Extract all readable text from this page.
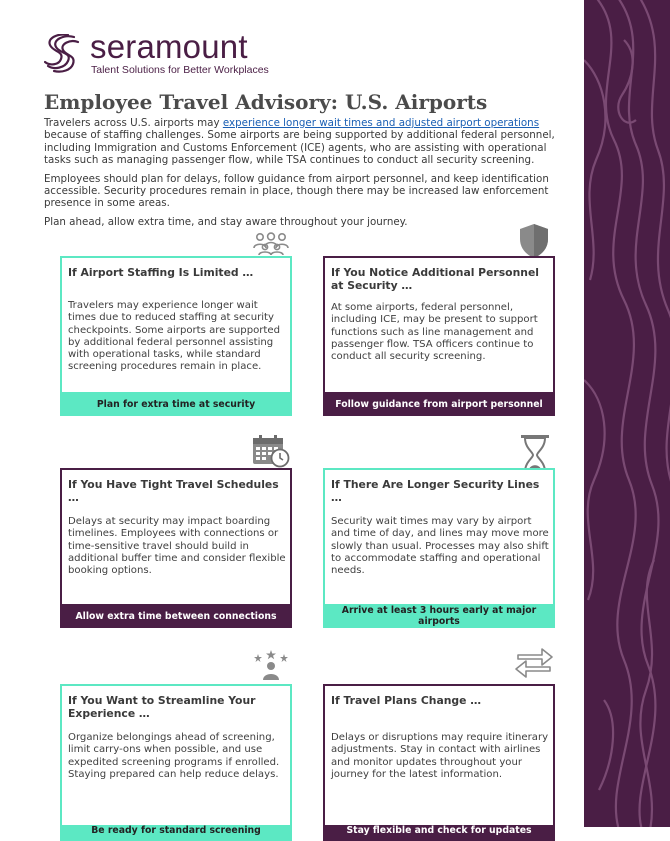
seramount
Talent Solutions for Better Workplaces
Employee Travel Advisory: U.S. Airports

Travelers across U.S. airports may experience longer wait times and adjusted airport operations because of staffing challenges. Some airports are being supported by additional federal personnel, including Immigration and Customs Enforcement (ICE) agents, who are assisting with operational tasks such as managing passenger flow, while TSA continues to conduct all security screening.

Employees should plan for delays, follow guidance from airport personnel, and keep identification accessible. Security procedures remain in place, though there may be increased law enforcement presence in some areas.

Plan ahead, allow extra time, and stay aware throughout your journey.

If Airport Staffing Is Limited …
Travelers may experience longer wait times due to reduced staffing at security checkpoints. Some airports are supported by additional federal personnel assisting with operational tasks, while standard screening procedures remain in place.
Plan for extra time at security
If You Notice Additional Personnel at Security …
At some airports, federal personnel, including ICE, may be present to support functions such as line management and passenger flow. TSA officers continue to conduct all security screening.
Follow guidance from airport personnel
If You Have Tight Travel Schedules …
Delays at security may impact boarding timelines. Employees with connections or time-sensitive travel should build in additional buffer time and consider flexible booking options.
Allow extra time between connections
If There Are Longer Security Lines …
Security wait times may vary by airport and time of day, and lines may move more slowly than usual. Processes may also shift to accommodate staffing and operational needs.
Arrive at least 3 hours early at major airports
If You Want to Streamline Your Experience …
Organize belongings ahead of screening, limit carry-ons when possible, and use expedited screening programs if enrolled. Staying prepared can help reduce delays.
Be ready for standard screening
If Travel Plans Change …
Delays or disruptions may require itinerary adjustments. Stay in contact with airlines and monitor updates throughout your journey for the latest information.
Stay flexible and check for updates
